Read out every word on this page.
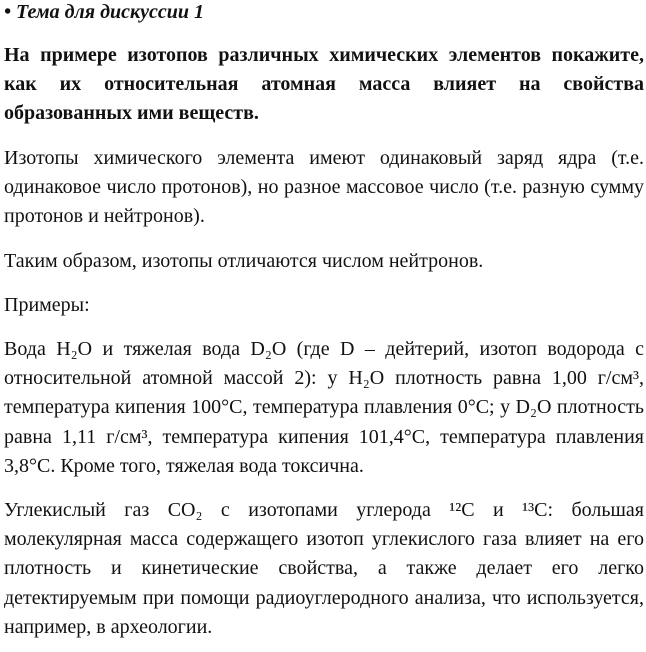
• Тема для дискуссии 1
На примере изотопов различных химических элементов покажите, как их относительная атомная масса влияет на свойства образованных ими веществ.

Изотопы химического элемента имеют одинаковый заряд ядра (т.е. одинаковое число протонов), но разное массовое число (т.е. разную сумму протонов и нейтронов).

Таким образом, изотопы отличаются числом нейтронов.

Примеры:

Вода H₂O и тяжелая вода D₂O (где D – дейтерий, изотоп водорода с относительной атомной массой 2): у H₂O плотность равна 1,00 г/см³, температура кипения 100°С, температура плавления 0°С; у D₂O плотность равна 1,11 г/см³, температура кипения 101,4°С, температура плавления 3,8°С. Кроме того, тяжелая вода токсична.

Углекислый газ CO₂ с изотопами углерода ¹²C и ¹³C: большая молекулярная масса содержащего изотоп углекислого газа влияет на его плотность и кинетические свойства, а также делает его легко детектируемым при помощи радиоуглеродного анализа, что используется, например, в археологии.
